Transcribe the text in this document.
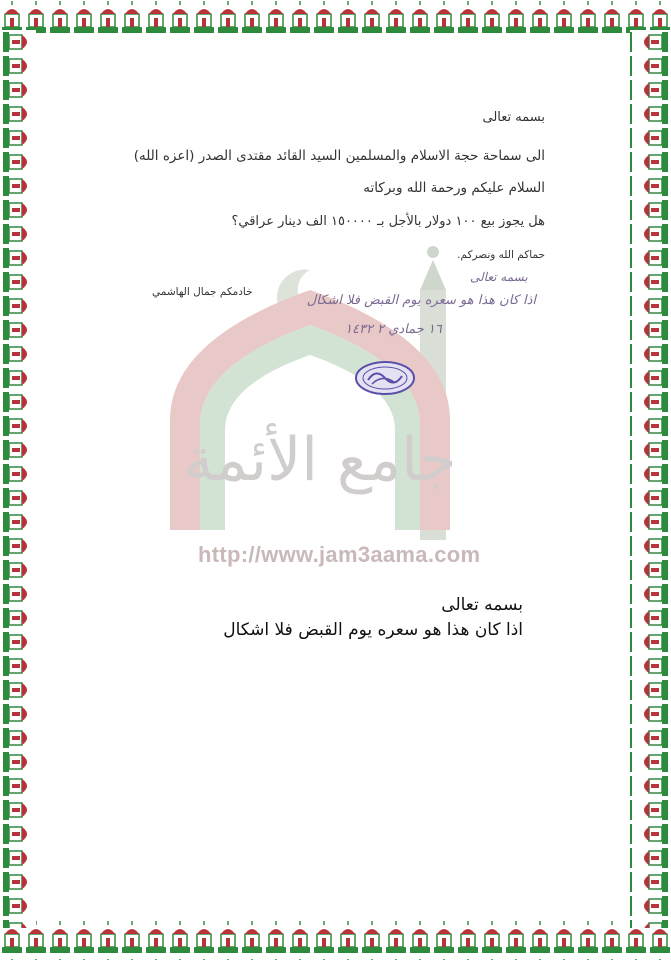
جامع الأئمة
http://www.jam3aama.com
بسمه تعالى
الى سماحة حجة الاسلام والمسلمين السيد القائد مقتدى الصدر (اعزه الله)
السلام عليكم ورحمة الله وبركاته
هل يجوز بيع ١٠٠ دولار بالأجل بـ ١٥٠٠٠٠ الف دينار عراقي؟
حماكم الله ونصركم.
خادمكم جمال الهاشمي
بسمه تعالى
اذا كان هذا هو سعره يوم القبض فلا اشكال
١٦ جمادي ٢ ١٤٣٢
بسمه تعالى
اذا كان هذا هو سعره يوم القبض فلا اشكال
